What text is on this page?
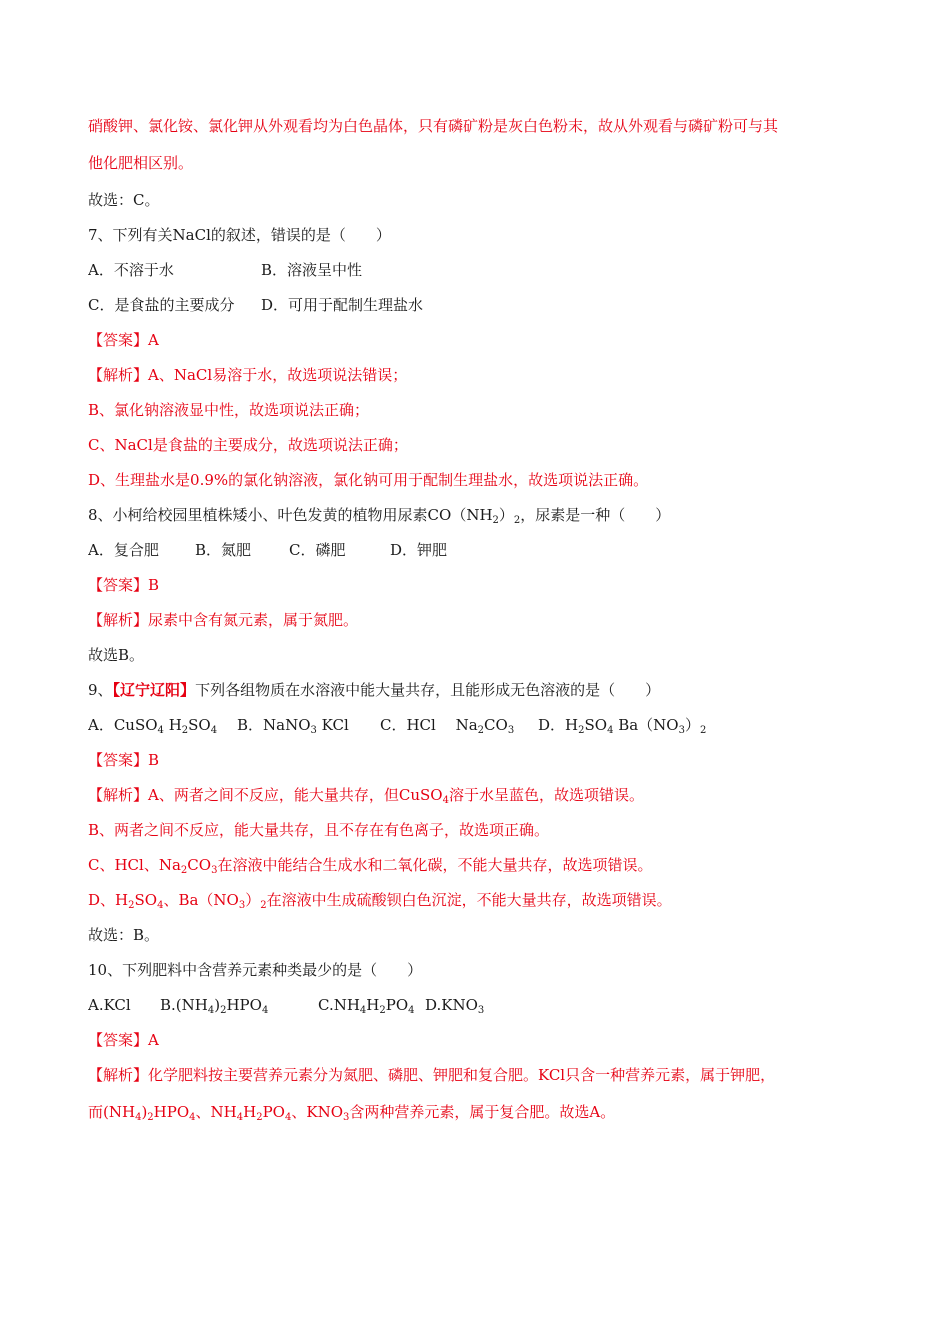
硝酸钾、氯化铵、氯化钾从外观看均为白色晶体，只有磷矿粉是灰白色粉末，故从外观看与磷矿粉可与其
他化肥相区别。
故选：C。
7、下列有关NaCl的叙述，错误的是（　　）
A．不溶于水	B．溶液呈中性
C．是食盐的主要成分 D．可用于配制生理盐水
【答案】A
【解析】A、NaCl易溶于水，故选项说法错误；
B、氯化钠溶液显中性，故选项说法正确；
C、NaCl是食盐的主要成分，故选项说法正确；
D、生理盐水是0.9%的氯化钠溶液，氯化钠可用于配制生理盐水，故选项说法正确。
8、小柯给校园里植株矮小、叶色发黄的植物用尿素$CO(NH_2)_2$，尿素是一种（　　）
A．复合肥 B．氮肥	C．磷肥	D．钾肥
【答案】B
【解析】尿素中含有氮元素，属于氮肥。
故选B。
9、【辽宁辽阳】下列各组物质在水溶液中能大量共存，且能形成无色溶液的是（　　）
A．CuSO$_4$ $H_2SO_4$ B．NaNO$_3$ KCl C．HCl　 $Na_2CO_3$ D．$H_2SO_4$ $Ba(NO_3)_2$
【答案】B
【解析】A、两者之间不反应，能大量共存，但CuSO$_4$溶于水呈蓝色，故选项错误。
B、两者之间不反应，能大量共存，且不存在有色离子，故选项正确。
C、HCl、$Na_2CO_3$在溶液中能结合生成水和二氧化碳，不能大量共存，故选项错误。
D、$H_2SO_4$、$Ba(NO_3)_2$在溶液中生成硫酸钡白色沉淀，不能大量共存，故选项错误。
故选：B。
10、下列肥料中含营养元素种类最少的是（　　）
A.KCl $B.(NH_4)_2HPO_4$	$C.NH_4H_2PO_4$ $D.KNO_3$
【答案】A
【解析】化学肥料按主要营养元素分为氮肥、磷肥、钾肥和复合肥。KCl只含一种营养元素，属于钾肥，
而$(NH_4)_2HPO_4$、$NH_4H_2PO_4$、$KNO_3$含两种营养元素，属于复合肥。故选A。
